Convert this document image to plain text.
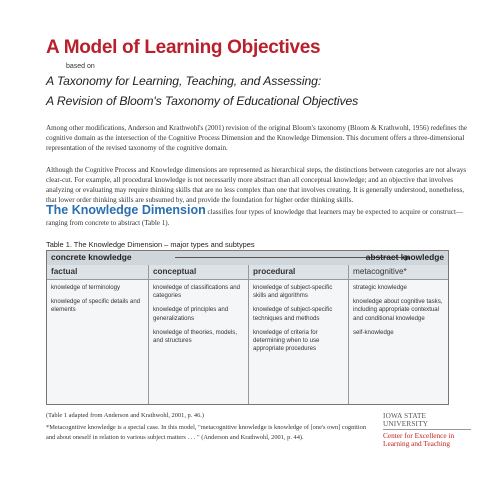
A Model of Learning Objectives
based on
A Taxonomy for Learning, Teaching, and Assessing:
A Revision of Bloom's Taxonomy of Educational Objectives
Among other modifications, Anderson and Krathwohl's (2001) revision of the original Bloom's taxonomy (Bloom & Krathwohl, 1956) redefines the cognitive domain as the intersection of the Cognitive Process Dimension and the Knowledge Dimension. This document offers a three-dimensional representation of the revised taxonomy of the cognitive domain.
Although the Cognitive Process and Knowledge dimensions are represented as hierarchical steps, the distinctions between categories are not always clear-cut. For example, all procedural knowledge is not necessarily more abstract than all conceptual knowledge; and an objective that involves analyzing or evaluating may require thinking skills that are no less complex than one that involves creating. It is generally understood, nonetheless, that lower order thinking skills are subsumed by, and provide the foundation for higher order thinking skills.
The Knowledge Dimension classifies four types of knowledge that learners may be expected to acquire or construct—ranging from concrete to abstract (Table 1).
Table 1. The Knowledge Dimension – major types and subtypes
concrete knowledge	abstract knowledge
factual
knowledge of terminology
knowledge of specific details and elements
conceptual
knowledge of classifications and categories
knowledge of principles and generalizations
knowledge of theories, models, and structures
procedural
knowledge of subject-specific skills and algorithms
knowledge of subject-specific techniques and methods
knowledge of criteria for determining when to use appropriate procedures
metacognitive*
strategic knowledge
knowledge about cognitive tasks, including appropriate contextual and conditional knowledge
self-knowledge
(Table 1 adapted from Anderson and Krathwohl, 2001, p. 46.)
*Metacognitive knowledge is a special case. In this model, "metacognitive knowledge is knowledge of [one's own] cognition and about oneself in relation to various subject matters . . . " (Anderson and Krathwohl, 2001, p. 44).
IOWA STATE UNIVERSITY
Center for Excellence in
Learning and Teaching
